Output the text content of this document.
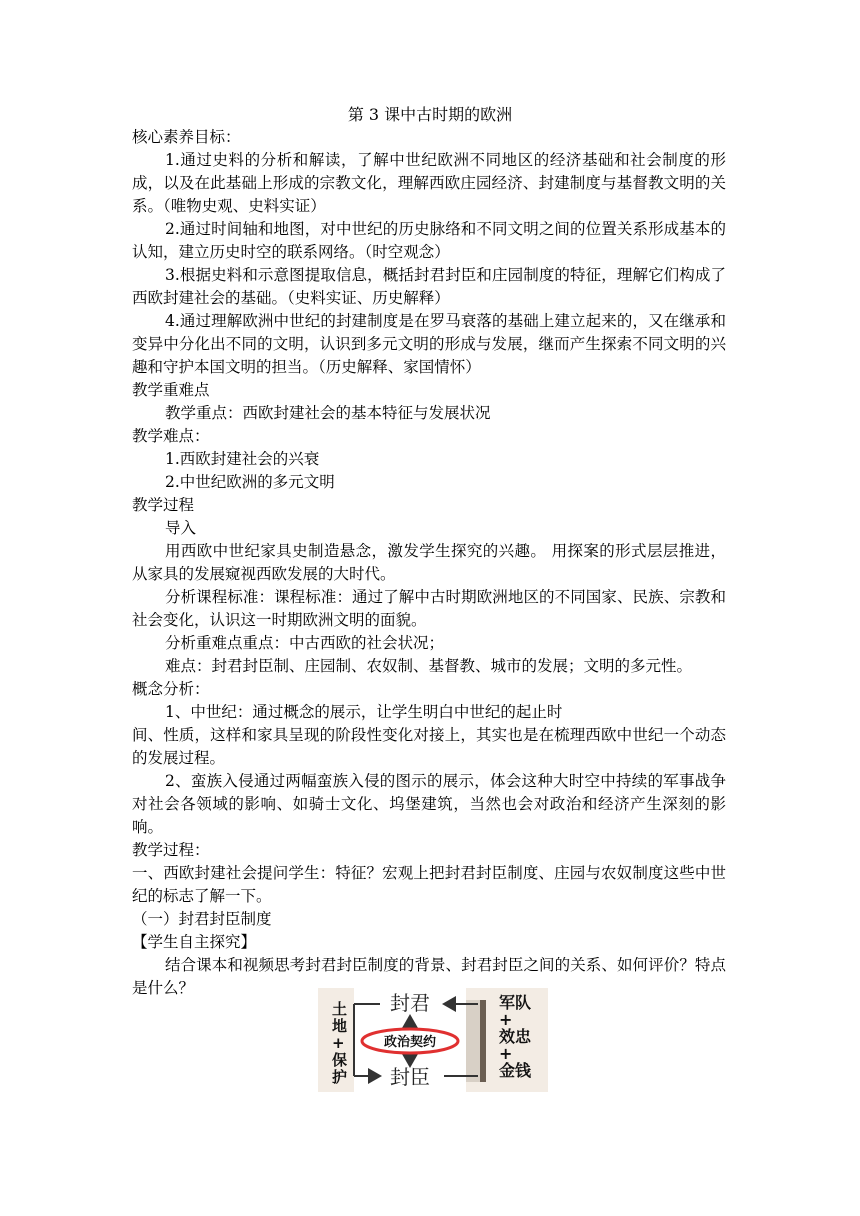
第 3 课中古时期的欧洲

核心素养目标：

1.通过史料的分析和解读，了解中世纪欧洲不同地区的经济基础和社会制度的形成，以及在此基础上形成的宗教文化，理解西欧庄园经济、封建制度与基督教文明的关系。（唯物史观、史料实证）

2.通过时间轴和地图，对中世纪的历史脉络和不同文明之间的位置关系形成基本的认知，建立历史时空的联系网络。（时空观念）

3.根据史料和示意图提取信息，概括封君封臣和庄园制度的特征，理解它们构成了西欧封建社会的基础。（史料实证、历史解释）

4.通过理解欧洲中世纪的封建制度是在罗马衰落的基础上建立起来的，又在继承和变异中分化出不同的文明，认识到多元文明的形成与发展，继而产生探索不同文明的兴趣和守护本国文明的担当。（历史解释、家国情怀）

教学重难点

教学重点：西欧封建社会的基本特征与发展状况

教学难点：

1.西欧封建社会的兴衰

2.中世纪欧洲的多元文明

教学过程

导入

用西欧中世纪家具史制造悬念，激发学生探究的兴趣。 用探案的形式层层推进，从家具的发展窥视西欧发展的大时代。

分析课程标准：课程标准：通过了解中古时期欧洲地区的不同国家、民族、宗教和社会变化，认识这一时期欧洲文明的面貌。

分析重难点重点：中古西欧的社会状况；

难点：封君封臣制、庄园制、农奴制、基督教、城市的发展；文明的多元性。

概念分析：

1、中世纪：通过概念的展示，让学生明白中世纪的起止时

间、性质，这样和家具呈现的阶段性变化对接上，其实也是在梳理西欧中世纪一个动态的发展过程。

2、蛮族入侵通过两幅蛮族入侵的图示的展示，体会这种大时空中持续的军事战争对社会各领域的影响、如骑士文化、坞堡建筑，当然也会对政治和经济产生深刻的影响。

教学过程：

一、西欧封建社会提问学生：特征？宏观上把封君封臣制度、庄园与农奴制度这些中世纪的标志了解一下。

（一）封君封臣制度

【学生自主探究】

结合课本和视频思考封君封臣制度的背景、封君封臣之间的关系、如何评价？特点是什么？

土地+保护
封君
封臣
政治契约
军队+效忠+金钱
